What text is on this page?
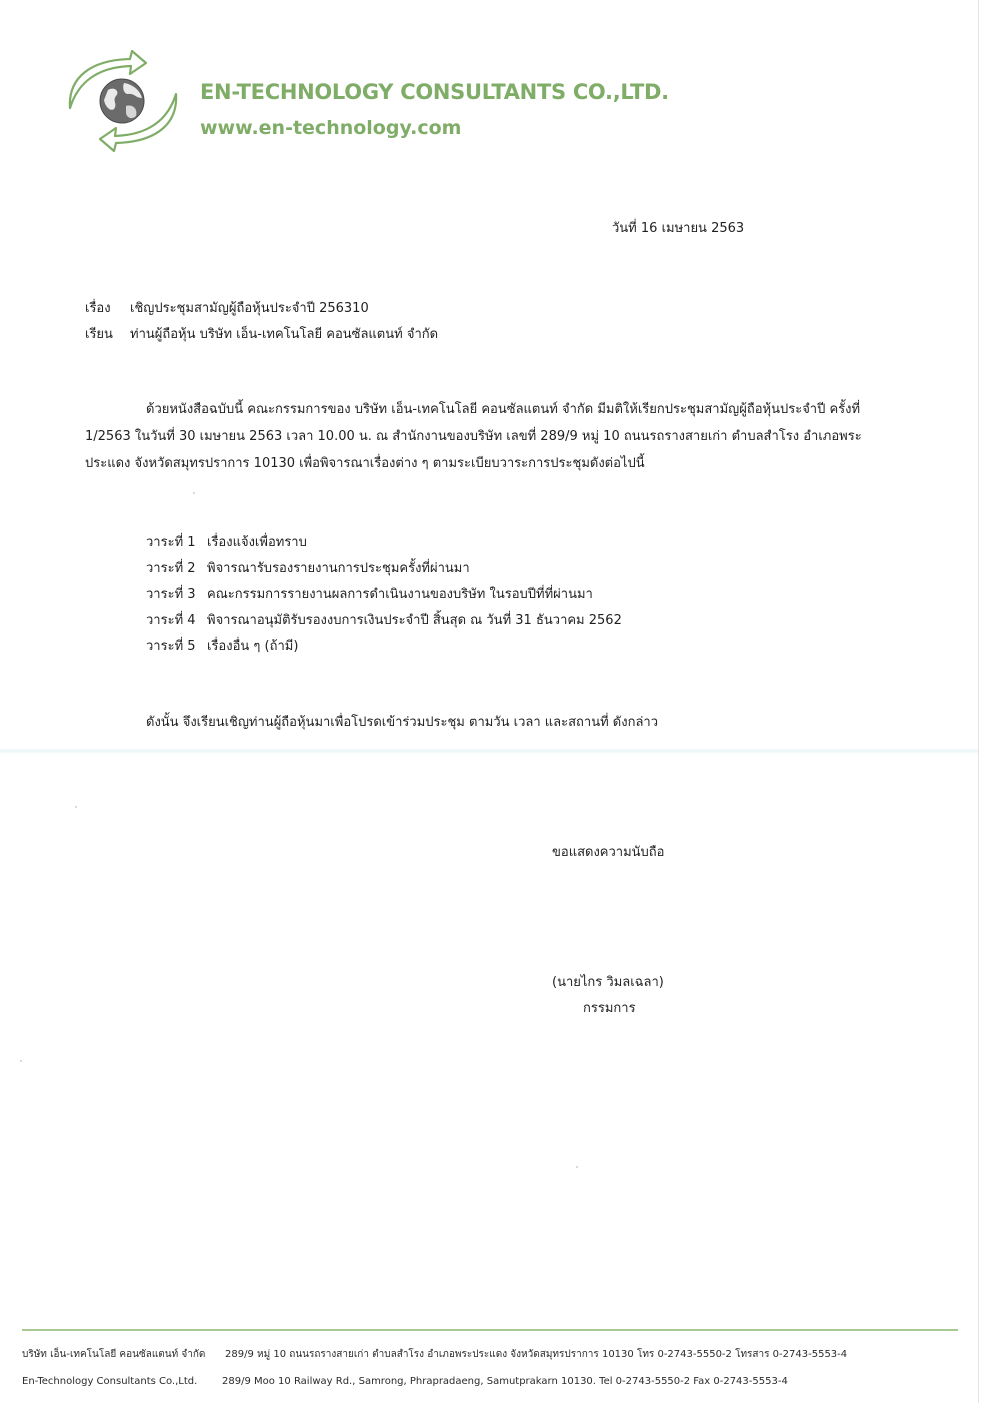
EN-TECHNOLOGY CONSULTANTS CO.,LTD.
www.en-technology.com
วันที่ 16 เมษายน 2563
เรื่อง เชิญประชุมสามัญผู้ถือหุ้นประจำปี 256310
เรียน ท่านผู้ถือหุ้น บริษัท เอ็น-เทคโนโลยี คอนซัลแตนท์ จำกัด
ด้วยหนังสือฉบับนี้ คณะกรรมการของ บริษัท เอ็น-เทคโนโลยี คอนซัลแตนท์ จำกัด มีมติให้เรียกประชุมสามัญผู้ถือหุ้นประจำปี ครั้งที่
1/2563 ในวันที่ 30 เมษายน 2563 เวลา 10.00 น. ณ สำนักงานของบริษัท เลขที่ 289/9 หมู่ 10 ถนนรถรางสายเก่า ตำบลสำโรง อำเภอพระ
ประแดง จังหวัดสมุทรปราการ 10130 เพื่อพิจารณาเรื่องต่าง ๆ ตามระเบียบวาระการประชุมดังต่อไปนี้
วาระที่ 1 เรื่องแจ้งเพื่อทราบ
วาระที่ 2 พิจารณารับรองรายงานการประชุมครั้งที่ผ่านมา
วาระที่ 3 คณะกรรมการรายงานผลการดำเนินงานของบริษัท ในรอบปีที่ที่ผ่านมา
วาระที่ 4 พิจารณาอนุมัติรับรองงบการเงินประจำปี สิ้นสุด ณ วันที่ 31 ธันวาคม 2562
วาระที่ 5 เรื่องอื่น ๆ (ถ้ามี)
ดังนั้น จึงเรียนเชิญท่านผู้ถือหุ้นมาเพื่อโปรดเข้าร่วมประชุม ตามวัน เวลา และสถานที่ ดังกล่าว
ขอแสดงความนับถือ
(นายไกร วิมลเฉลา)
กรรมการ
บริษัท เอ็น-เทคโนโลยี คอนซัลแตนท์ จำกัด 289/9 หมู่ 10 ถนนรถรางสายเก่า ตำบลสำโรง อำเภอพระประแดง จังหวัดสมุทรปราการ 10130 โทร 0-2743-5550-2 โทรสาร 0-2743-5553-4
En-Technology Consultants Co.,Ltd. 289/9 Moo 10 Railway Rd., Samrong, Phrapradaeng, Samutprakarn 10130. Tel 0-2743-5550-2 Fax 0-2743-5553-4
